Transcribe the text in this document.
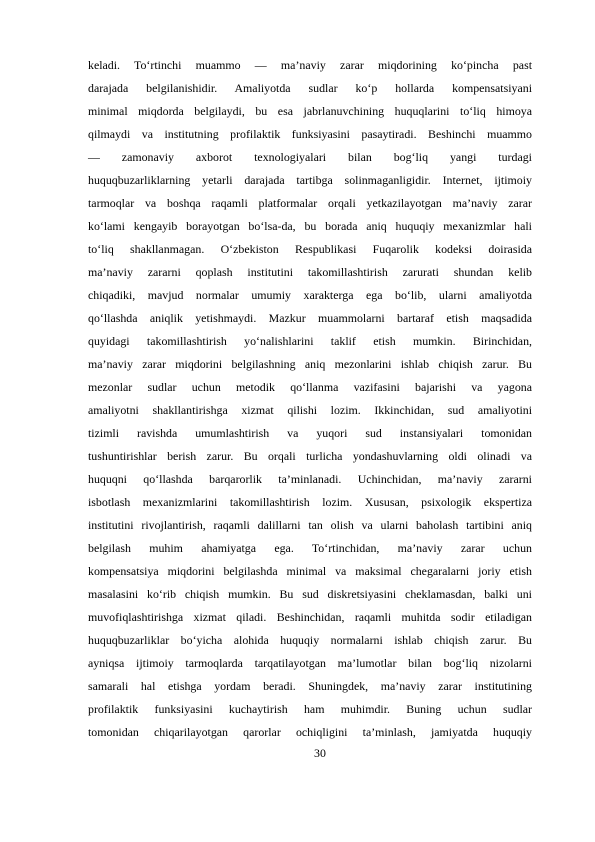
keladi. To‘rtinchi muammo — ma’naviy zarar miqdorining ko‘pincha past
darajada belgilanishidir. Amaliyotda sudlar ko‘p hollarda kompensatsiyani
minimal miqdorda belgilaydi, bu esa jabrlanuvchining huquqlarini to‘liq himoya
qilmaydi va institutning profilaktik funksiyasini pasaytiradi. Beshinchi muammo
— zamonaviy axborot texnologiyalari bilan bog‘liq yangi turdagi
huquqbuzarliklarning yetarli darajada tartibga solinmaganligidir. Internet, ijtimoiy
tarmoqlar va boshqa raqamli platformalar orqali yetkazilayotgan ma’naviy zarar
ko‘lami kengayib borayotgan bo‘lsa-da, bu borada aniq huquqiy mexanizmlar hali
to‘liq shakllanmagan. O‘zbekiston Respublikasi Fuqarolik kodeksi doirasida
ma’naviy zararni qoplash institutini takomillashtirish zarurati shundan kelib
chiqadiki, mavjud normalar umumiy xarakterga ega bo‘lib, ularni amaliyotda
qo‘llashda aniqlik yetishmaydi. Mazkur muammolarni bartaraf etish maqsadida
quyidagi takomillashtirish yo‘nalishlarini taklif etish mumkin. Birinchidan,
ma’naviy zarar miqdorini belgilashning aniq mezonlarini ishlab chiqish zarur. Bu
mezonlar sudlar uchun metodik qo‘llanma vazifasini bajarishi va yagona
amaliyotni shakllantirishga xizmat qilishi lozim. Ikkinchidan, sud amaliyotini
tizimli ravishda umumlashtirish va yuqori sud instansiyalari tomonidan
tushuntirishlar berish zarur. Bu orqali turlicha yondashuvlarning oldi olinadi va
huquqni qo‘llashda barqarorlik ta’minlanadi. Uchinchidan, ma’naviy zararni
isbotlash mexanizmlarini takomillashtirish lozim. Xususan, psixologik ekspertiza
institutini rivojlantirish, raqamli dalillarni tan olish va ularni baholash tartibini aniq
belgilash muhim ahamiyatga ega. To‘rtinchidan, ma’naviy zarar uchun
kompensatsiya miqdorini belgilashda minimal va maksimal chegaralarni joriy etish
masalasini ko‘rib chiqish mumkin. Bu sud diskretsiyasini cheklamasdan, balki uni
muvofiqlashtirishga xizmat qiladi. Beshinchidan, raqamli muhitda sodir etiladigan
huquqbuzarliklar bo‘yicha alohida huquqiy normalarni ishlab chiqish zarur. Bu
ayniqsa ijtimoiy tarmoqlarda tarqatilayotgan ma’lumotlar bilan bog‘liq nizolarni
samarali hal etishga yordam beradi. Shuningdek, ma’naviy zarar institutining
profilaktik funksiyasini kuchaytirish ham muhimdir. Buning uchun sudlar
tomonidan chiqarilayotgan qarorlar ochiqligini ta’minlash, jamiyatda huquqiy
30
